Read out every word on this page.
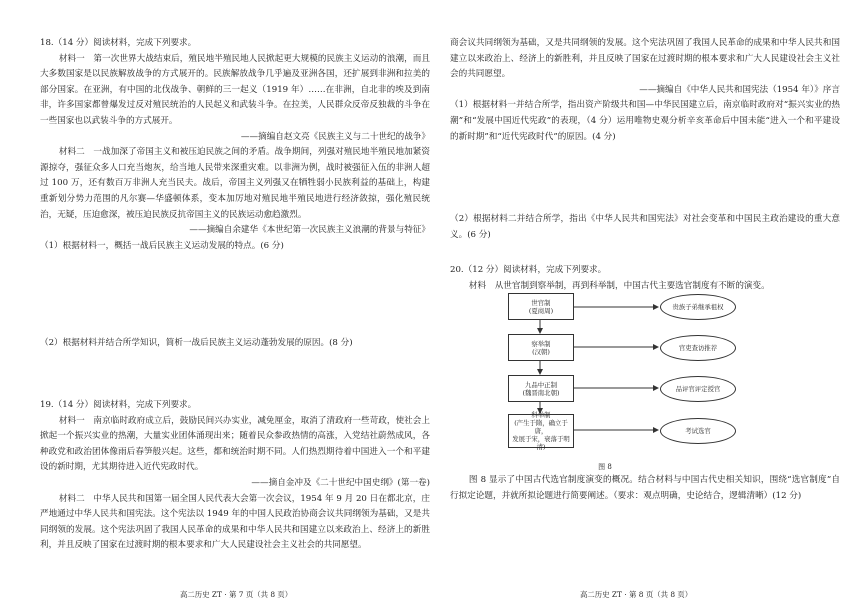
18.（14 分）阅读材料，完成下列要求。

材料一　第一次世界大战结束后，殖民地半殖民地人民掀起更大规模的民族主义运动的浪潮，而且大多数国家是以民族解放战争的方式展开的。民族解放战争几乎遍及亚洲各国，还扩展到非洲和拉美的部分国家。在亚洲，有中国的北伐战争、朝鲜的三一起义（1919 年）……在非洲，自北非的埃及到南非，许多国家都曾爆发过反对殖民统治的人民起义和武装斗争。在拉美，人民群众反帝反独裁的斗争在一些国家也以武装斗争的方式展开。

——摘编自赵文亮《民族主义与二十世纪的战争》

材料二　一战加深了帝国主义和被压迫民族之间的矛盾。战争期间，列强对殖民地半殖民地加紧资源掠夺，强征众多人口充当炮灰，给当地人民带来深重灾难。以非洲为例，战时被强征入伍的非洲人超过 100 万，还有数百万非洲人充当民夫。战后，帝国主义列强又在牺牲弱小民族利益的基础上，构建重新划分势力范围的凡尔赛—华盛顿体系，变本加厉地对殖民地半殖民地进行经济敛掠，强化殖民统治，无疑，压迫愈深，被压迫民族反抗帝国主义的民族运动愈趋激烈。

——摘编自余建华《本世纪第一次民族主义浪潮的背景与特征》

（1）根据材料一，概括一战后民族主义运动发展的特点。(6 分)

（2）根据材料并结合所学知识，简析一战后民族主义运动蓬勃发展的原因。(8 分)

19.（14 分）阅读材料，完成下列要求。

材料一　南京临时政府成立后，鼓励民间兴办实业，减免厘金，取消了清政府一些苛政，使社会上掀起一个振兴实业的热潮，大量实业团体涌现出来；随着民众参政热情的高涨，入党结社蔚然成风，各种政党和政治团体像雨后春笋般兴起。这些，都和统治时期不同。人们热烈期待着中国进入一个和平建设的新时期，尤其期待进入近代宪政时代。

——摘自金冲及《二十世纪中国史纲》(第一卷)

材料二　中华人民共和国第一届全国人民代表大会第一次会议，1954 年 9 月 20 日在都北京，庄严地通过中华人民共和国宪法。这个宪法以 1949 年的中国人民政治协商会议共同纲领为基础，又是共同纲领的发展。这个宪法巩固了我国人民革命的成果和中华人民共和国建立以来政治上、经济上的新胜利，并且反映了国家在过渡时期的根本要求和广大人民建设社会主义社会的共同愿望。

高二历史 ZT · 第 7 页（共 8 页）

商会议共同纲领为基础，又是共同纲领的发展。这个宪法巩固了我国人民革命的成果和中华人民共和国建立以来政治上、经济上的新胜利，并且反映了国家在过渡时期的根本要求和广大人民建设社会主义社会的共同愿望。

——摘编自《中华人民共和国宪法（1954 年）》序言

（1）根据材料一并结合所学，指出资产阶级共和国—中华民国建立后，南京临时政府对“振兴实业的热潮”和“发展中国近代宪政”的表现，（4 分）运用唯物史观分析辛亥革命后中国未能“进入一个和平建设的新时期”和“近代宪政时代”的原因。(4 分)

（2）根据材料二并结合所学，指出《中华人民共和国宪法》对社会变革和中国民主政治建设的重大意义。(6 分)

20.（12 分）阅读材料，完成下列要求。

材料　从世官制到察举制，再到科举制，中国古代主要选官制度有不断的演变。

世官制
(夏商周)
察举制
(汉朝)
九品中正制
(魏晋南北朝)
科举制
(产生于隋，确立于唐，
发展于宋，衰落于明清)
贵族子弟继承祖权
官吏查访推荐
品评官评定授官
考试选官
图 8

图 8 显示了中国古代选官制度演变的概况。结合材料与中国古代史相关知识，围绕“选官制度”自行拟定论题，并就所拟论题进行简要阐述。（要求：观点明确，史论结合，逻辑清晰）(12 分)

高二历史 ZT · 第 8 页（共 8 页）
